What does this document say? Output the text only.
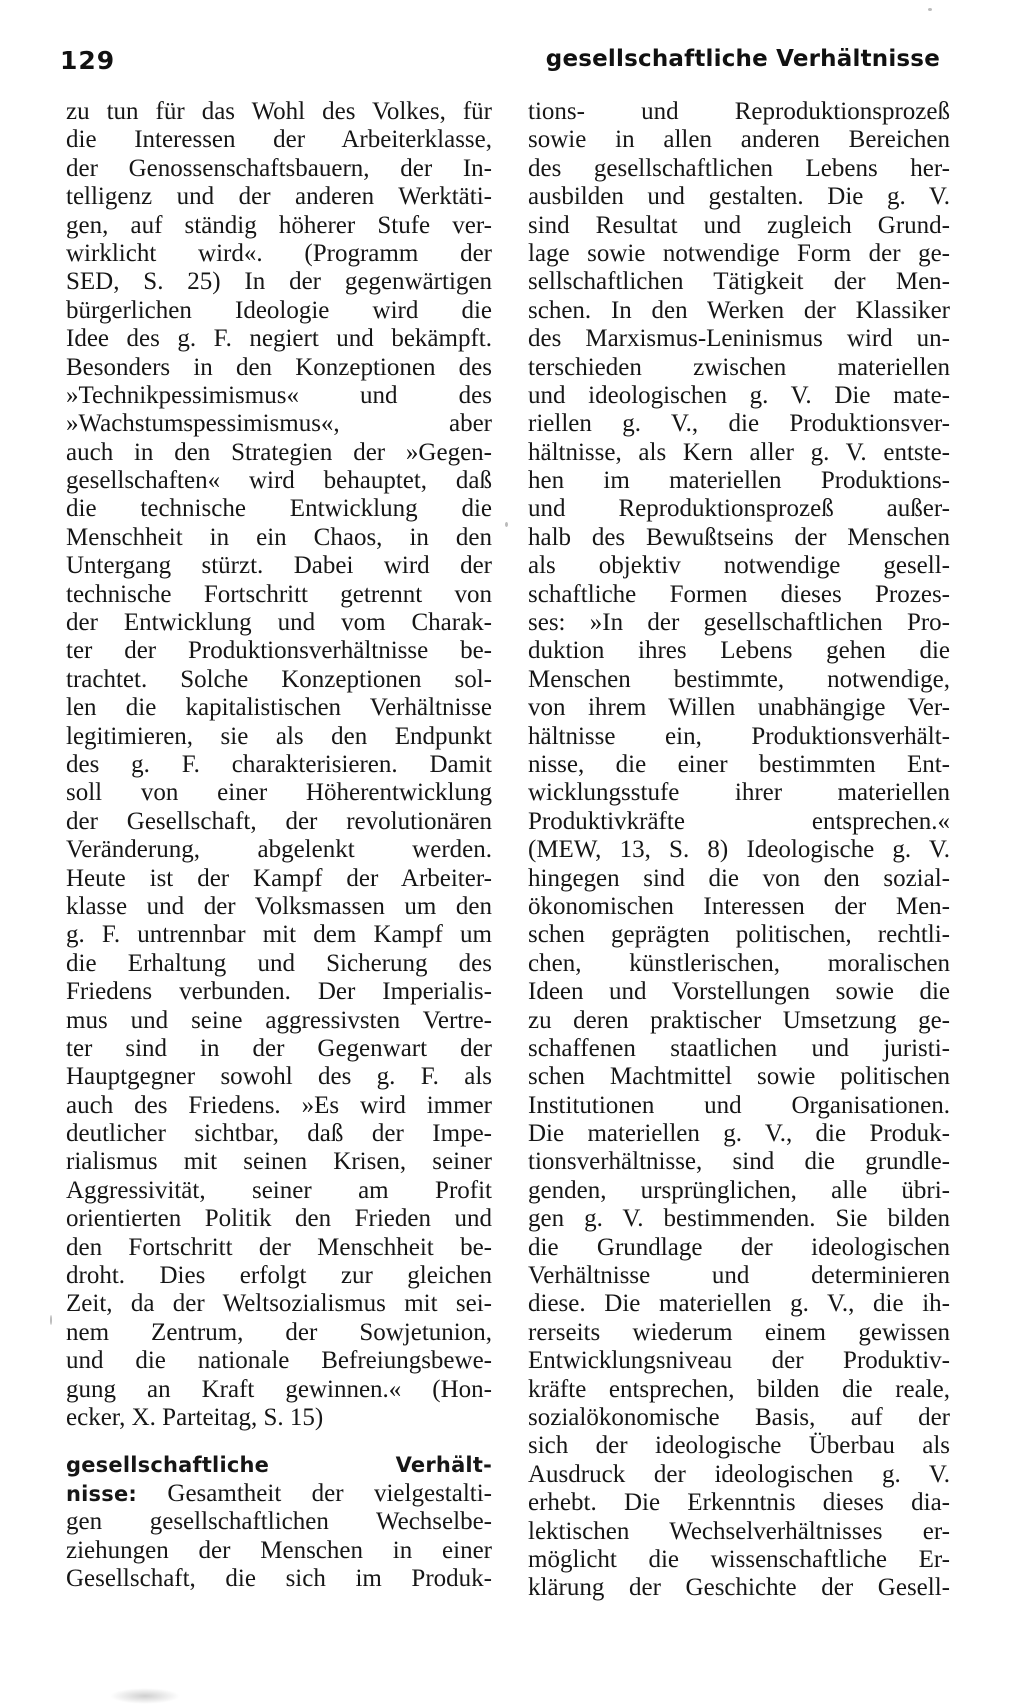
129	gesellschaftliche Verhältnisse
zu tun für das Wohl des Volkes, für
die Interessen der Arbeiterklasse,
der Genossenschaftsbauern, der In-
telligenz und der anderen Werktäti-
gen, auf ständig höherer Stufe ver-
wirklicht wird«. (Programm der
SED, S. 25) In der gegenwärtigen
bürgerlichen Ideologie wird die
Idee des g. F. negiert und bekämpft.
Besonders in den Konzeptionen des
»Technikpessimismus« und des
»Wachstumspessimismus«, aber
auch in den Strategien der »Gegen-
gesellschaften« wird behauptet, daß
die technische Entwicklung die
Menschheit in ein Chaos, in den
Untergang stürzt. Dabei wird der
technische Fortschritt getrennt von
der Entwicklung und vom Charak-
ter der Produktionsverhältnisse be-
trachtet. Solche Konzeptionen sol-
len die kapitalistischen Verhältnisse
legitimieren, sie als den Endpunkt
des g. F. charakterisieren. Damit
soll von einer Höherentwicklung
der Gesellschaft, der revolutionären
Veränderung, abgelenkt werden.
Heute ist der Kampf der Arbeiter-
klasse und der Volksmassen um den
g. F. untrennbar mit dem Kampf um
die Erhaltung und Sicherung des
Friedens verbunden. Der Imperialis-
mus und seine aggressivsten Vertre-
ter sind in der Gegenwart der
Hauptgegner sowohl des g. F. als
auch des Friedens. »Es wird immer
deutlicher sichtbar, daß der Impe-
rialismus mit seinen Krisen, seiner
Aggressivität, seiner am Profit
orientierten Politik den Frieden und
den Fortschritt der Menschheit be-
droht. Dies erfolgt zur gleichen
Zeit, da der Weltsozialismus mit sei-
nem Zentrum, der Sowjetunion,
und die nationale Befreiungsbewe-
gung an Kraft gewinnen.« (Hon-
ecker, X. Parteitag, S. 15)
gesellschaftliche	Verhält-
nisse: Gesamtheit der vielgestalti-
gen gesellschaftlichen Wechselbe-
ziehungen der Menschen in einer
Gesellschaft, die sich im Produk-
tions- und Reproduktionsprozeß
sowie in allen anderen Bereichen
des gesellschaftlichen Lebens her-
ausbilden und gestalten. Die g. V.
sind Resultat und zugleich Grund-
lage sowie notwendige Form der ge-
sellschaftlichen Tätigkeit der Men-
schen. In den Werken der Klassiker
des Marxismus-Leninismus wird un-
terschieden zwischen materiellen
und ideologischen g. V. Die mate-
riellen g. V., die Produktionsver-
hältnisse, als Kern aller g. V. entste-
hen im materiellen Produktions-
und Reproduktionsprozeß außer-
halb des Bewußtseins der Menschen
als objektiv notwendige gesell-
schaftliche Formen dieses Prozes-
ses: »In der gesellschaftlichen Pro-
duktion ihres Lebens gehen die
Menschen bestimmte, notwendige,
von ihrem Willen unabhängige Ver-
hältnisse ein, Produktionsverhält-
nisse, die einer bestimmten Ent-
wicklungsstufe ihrer materiellen
Produktivkräfte entsprechen.«
(MEW, 13, S. 8) Ideologische g. V.
hingegen sind die von den sozial-
ökonomischen Interessen der Men-
schen geprägten politischen, rechtli-
chen, künstlerischen, moralischen
Ideen und Vorstellungen sowie die
zu deren praktischer Umsetzung ge-
schaffenen staatlichen und juristi-
schen Machtmittel sowie politischen
Institutionen und Organisationen.
Die materiellen g. V., die Produk-
tionsverhältnisse, sind die grundle-
genden, ursprünglichen, alle übri-
gen g. V. bestimmenden. Sie bilden
die Grundlage der ideologischen
Verhältnisse und determinieren
diese. Die materiellen g. V., die ih-
rerseits wiederum einem gewissen
Entwicklungsniveau der Produktiv-
kräfte entsprechen, bilden die reale,
sozialökonomische Basis, auf der
sich der ideologische Überbau als
Ausdruck der ideologischen g. V.
erhebt. Die Erkenntnis dieses dia-
lektischen Wechselverhältnisses er-
möglicht die wissenschaftliche Er-
klärung der Geschichte der Gesell-
